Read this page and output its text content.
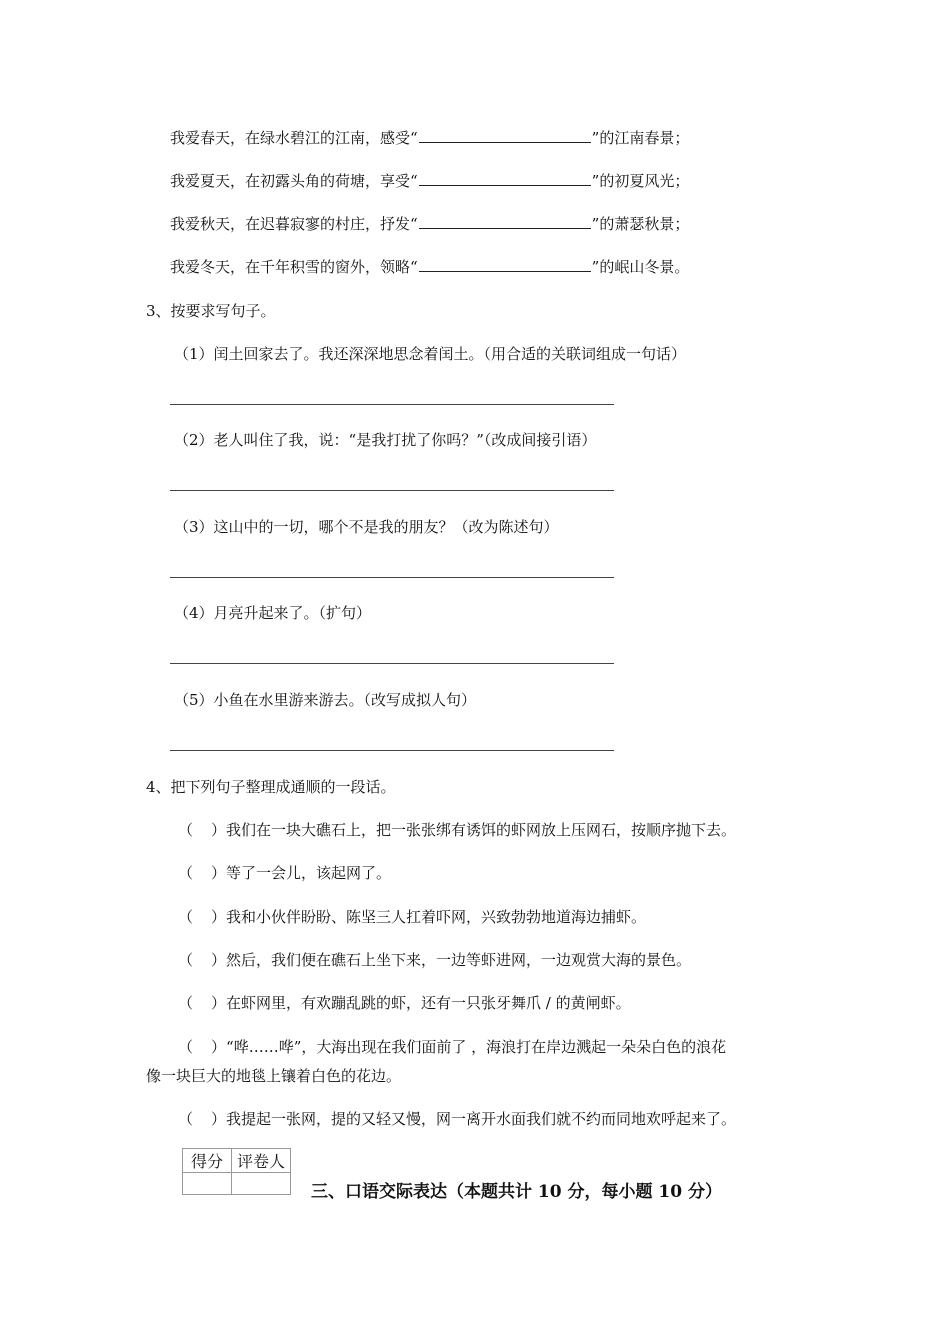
我爱春天，在绿水碧江的江南，感受“	”的江南春景；
我爱夏天，在初露头角的荷塘，享受“	”的初夏风光；
我爱秋天，在迟暮寂寥的村庄，抒发“	”的萧瑟秋景；
我爱冬天，在千年积雪的窗外，领略“	”的岷山冬景。
3、按要求写句子。
（1）闰土回家去了。我还深深地思念着闰土。（用合适的关联词组成一句话）
（2）老人叫住了我，说：“是我打扰了你吗？”（改成间接引语）
（3）这山中的一切，哪个不是我的朋友？（改为陈述句）
（4）月亮升起来了。（扩句）
（5）小鱼在水里游来游去。（改写成拟人句）
4、把下列句子整理成通顺的一段话。
（ ）我们在一块大礁石上，把一张张绑有诱饵的虾网放上压网石，按顺序抛下去。
（ ）等了一会儿，该起网了。
（ ）我和小伙伴盼盼、陈坚三人扛着吓网，兴致勃勃地道海边捕虾。
（ ）然后，我们便在礁石上坐下来，一边等虾进网，一边观赏大海的景色。
（ ）在虾网里，有欢蹦乱跳的虾，还有一只张牙舞爪 / 的黄闸虾。
（ ）“哗……哗”，大海出现在我们面前了 ，海浪打在岸边溅起一朵朵白色的浪花
像一块巨大的地毯上镶着白色的花边。
（ ）我提起一张网，提的又轻又慢，网一离开水面我们就不约而同地欢呼起来了。
得分	评卷人

三、口语交际表达（本题共计 10 分，每小题 10 分）
